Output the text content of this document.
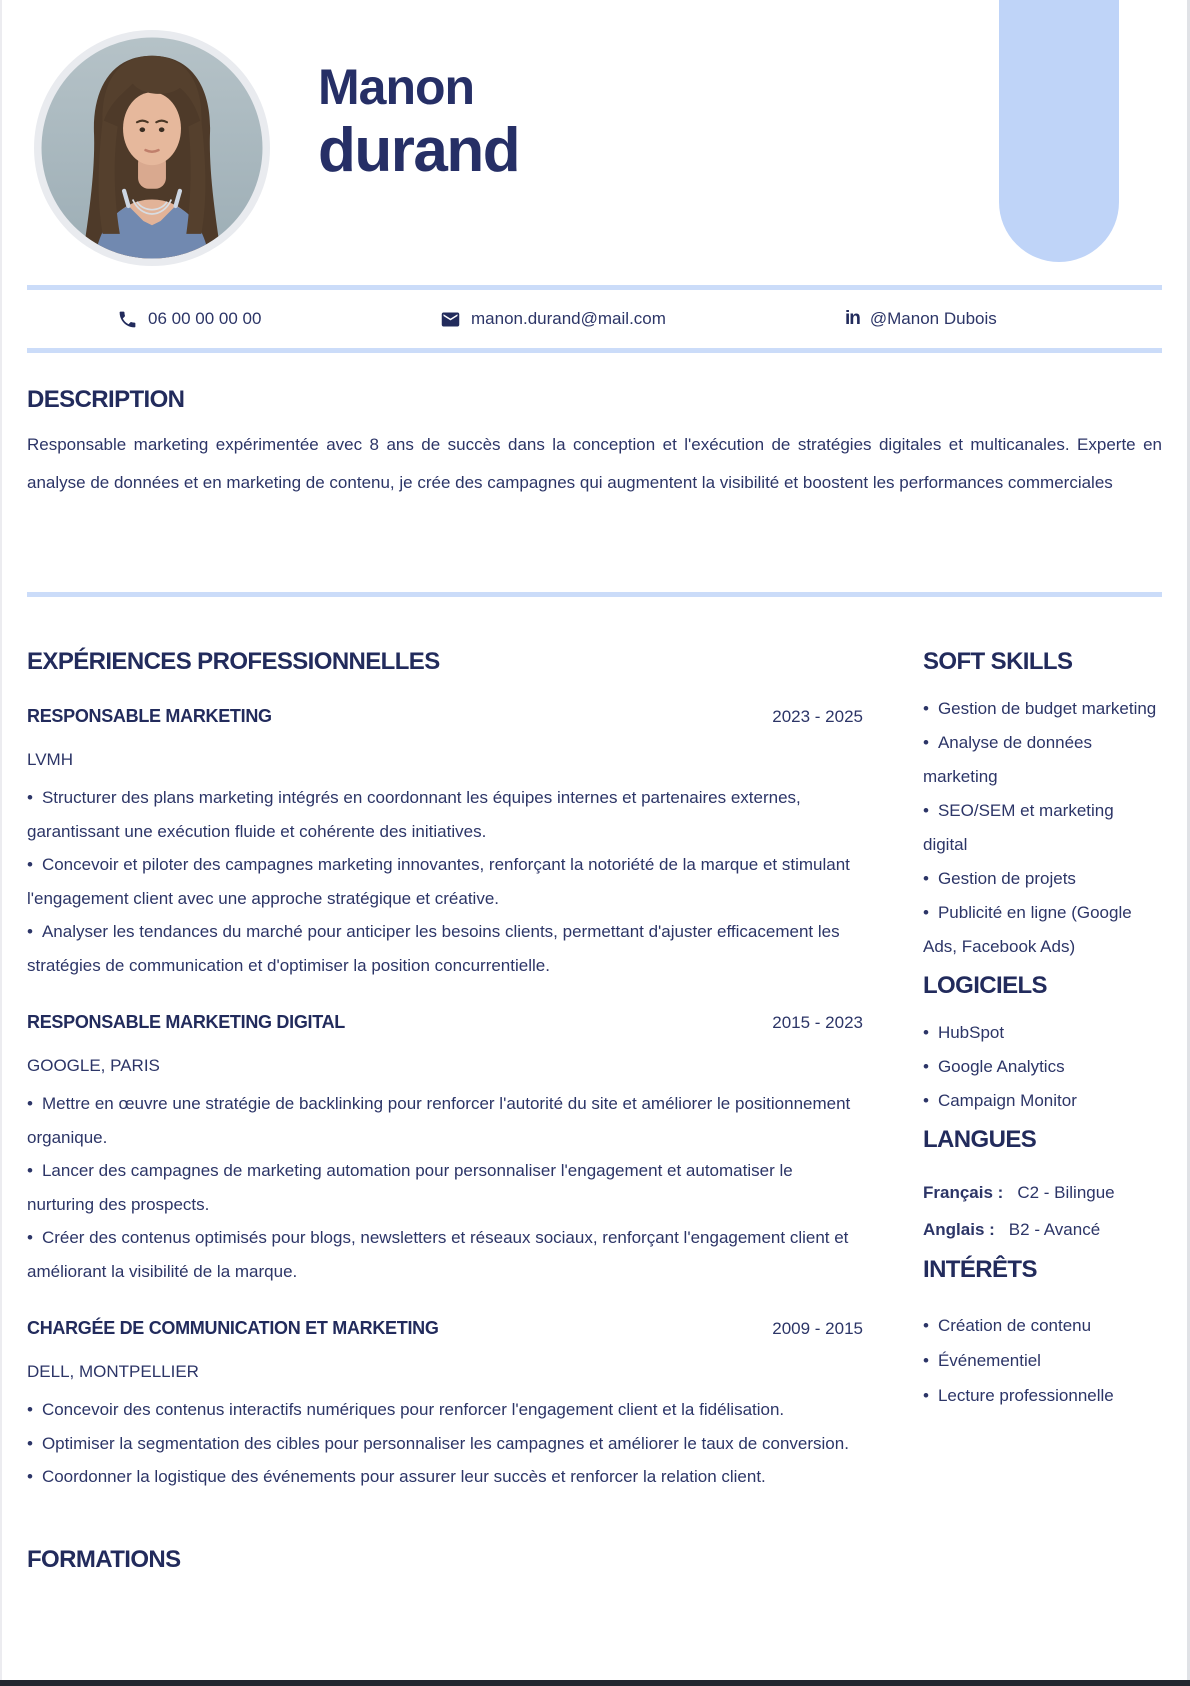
Manon
durand
06 00 00 00 00	manon.durand@mail.com	in @Manon Dubois
DESCRIPTION

Responsable marketing expérimentée avec 8 ans de succès dans la conception et l'exécution de stratégies digitales et multicanales. Experte en analyse de données et en marketing de contenu, je crée des campagnes qui augmentent la visibilité et boostent les performances commerciales

EXPÉRIENCES PROFESSIONNELLES
RESPONSABLE MARKETING	2023 - 2025
LVMH

• Structurer des plans marketing intégrés en coordonnant les équipes internes et partenaires externes, garantissant une exécution fluide et cohérente des initiatives.

• Concevoir et piloter des campagnes marketing innovantes, renforçant la notoriété de la marque et stimulant l'engagement client avec une approche stratégique et créative.

• Analyser les tendances du marché pour anticiper les besoins clients, permettant d'ajuster efficacement les stratégies de communication et d'optimiser la position concurrentielle.

RESPONSABLE MARKETING DIGITAL	2015 - 2023
GOOGLE, PARIS

• Mettre en œuvre une stratégie de backlinking pour renforcer l'autorité du site et améliorer le positionnement organique.

• Lancer des campagnes de marketing automation pour personnaliser l'engagement et automatiser le nurturing des prospects.

• Créer des contenus optimisés pour blogs, newsletters et réseaux sociaux, renforçant l'engagement client et améliorant la visibilité de la marque.

CHARGÉE DE COMMUNICATION ET MARKETING	2009 - 2015
DELL, MONTPELLIER

• Concevoir des contenus interactifs numériques pour renforcer l'engagement client et la fidélisation.

• Optimiser la segmentation des cibles pour personnaliser les campagnes et améliorer le taux de conversion.

• Coordonner la logistique des événements pour assurer leur succès et renforcer la relation client.

FORMATIONS
SOFT SKILLS

• Gestion de budget marketing

• Analyse de données marketing

• SEO/SEM et marketing digital

• Gestion de projets

• Publicité en ligne (Google Ads, Facebook Ads)

LOGICIELS

• HubSpot

• Google Analytics

• Campaign Monitor

LANGUES
Français : C2 - Bilingue
Anglais : B2 - Avancé
INTÉRÊTS

• Création de contenu

• Événementiel

• Lecture professionnelle
